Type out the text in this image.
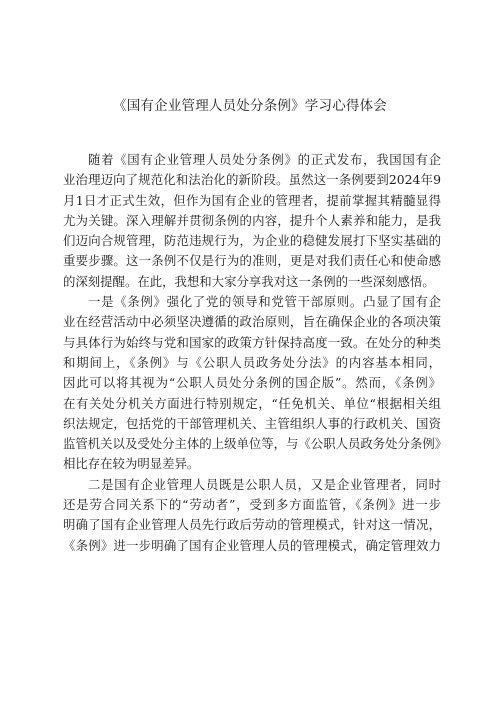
《国有企业管理人员处分条例》学习心得体会
随着《国有企业管理人员处分条例》的正式发布，我国国有企
业治理迈向了规范化和法治化的新阶段。虽然这一条例要到2024年9
月1日才正式生效，但作为国有企业的管理者，提前掌握其精髓显得
尤为关键。深入理解并贯彻条例的内容，提升个人素养和能力，是我
们迈向合规管理，防范违规行为，为企业的稳健发展打下坚实基础的
重要步骤。这一条例不仅是行为的准则，更是对我们责任心和使命感
的深刻提醒。在此，我想和大家分享我对这一条例的一些深刻感悟。
一是《条例》强化了党的领导和党管干部原则。凸显了国有企
业在经营活动中必须坚决遵循的政治原则，旨在确保企业的各项决策
与具体行为始终与党和国家的政策方针保持高度一致。在处分的种类
和期间上，《条例》与《公职人员政务处分法》的内容基本相同，
因此可以将其视为“公职人员处分条例的国企版”。然而，《条例》
在有关处分机关方面进行特别规定，“任免机关、单位“根据相关组
织法规定，包括党的干部管理机关、主管组织人事的行政机关、国资
监管机关以及受处分主体的上级单位等，与《公职人员政务处分条例》
相比存在较为明显差异。
二是国有企业管理人员既是公职人员，又是企业管理者，同时
还是劳合同关系下的“劳动者”，受到多方面监管，《条例》进一步
明确了国有企业管理人员先行政后劳动的管理模式，针对这一情况，
《条例》进一步明确了国有企业管理人员的管理模式，确定管理效力
